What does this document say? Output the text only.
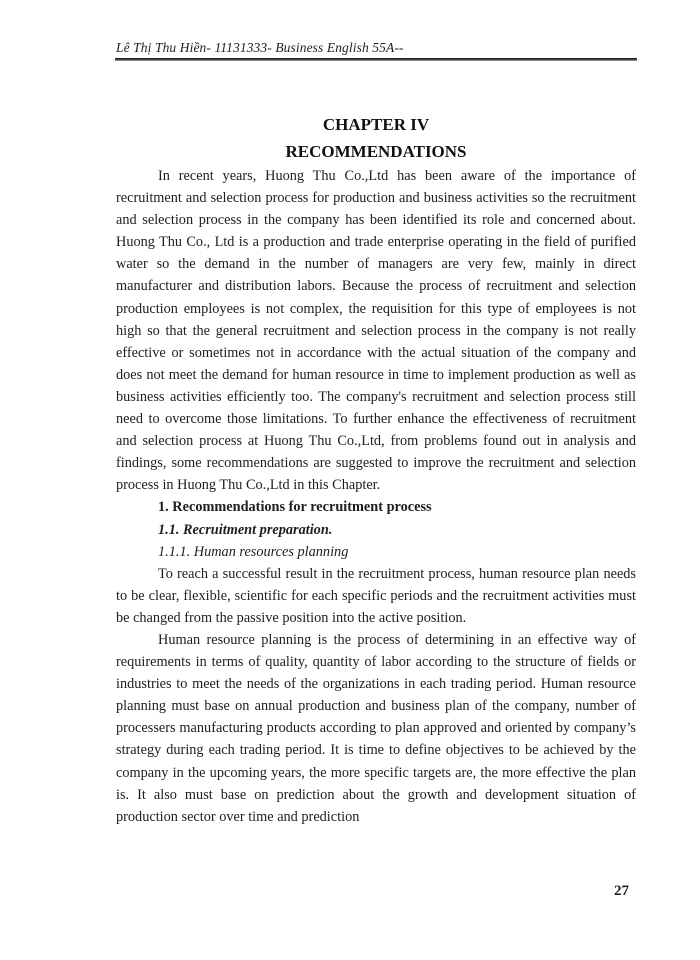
Lê Thị Thu Hiền- 11131333- Business English 55A--
CHAPTER IV
RECOMMENDATIONS

In recent years, Huong Thu Co.,Ltd has been aware of the importance of recruitment and selection process for production and business activities so the recruitment and selection process in the company has been identified its role and concerned about. Huong Thu Co., Ltd is a production and trade enterprise operating in the field of purified water so the demand in the number of managers are very few, mainly in direct manufacturer and distribution labors. Because the process of recruitment and selection production employees is not complex, the requisition for this type of employees is not high so that the general recruitment and selection process in the company is not really effective or sometimes not in accordance with the actual situation of the company and does not meet the demand for human resource in time to implement production as well as business activities efficiently too. The company's recruitment and selection process still need to overcome those limitations. To further enhance the effectiveness of recruitment and selection process at Huong Thu Co.,Ltd, from problems found out in analysis and findings, some recommendations are suggested to improve the recruitment and selection process in Huong Thu Co.,Ltd in this Chapter.

1. Recommendations for recruitment process
1.1. Recruitment preparation.
1.1.1. Human resources planning

To reach a successful result in the recruitment process, human resource plan needs to be clear, flexible, scientific for each specific periods and the recruitment activities must be changed from the passive position into the active position.

Human resource planning is the process of determining in an effective way of requirements in terms of quality, quantity of labor according to the structure of fields or industries to meet the needs of the organizations in each trading period. Human resource planning must base on annual production and business plan of the company, number of processers manufacturing products according to plan approved and oriented by company’s strategy during each trading period. It is time to define objectives to be achieved by the company in the upcoming years, the more specific targets are, the more effective the plan is. It also must base on prediction about the growth and development situation of production sector over time and prediction

27
